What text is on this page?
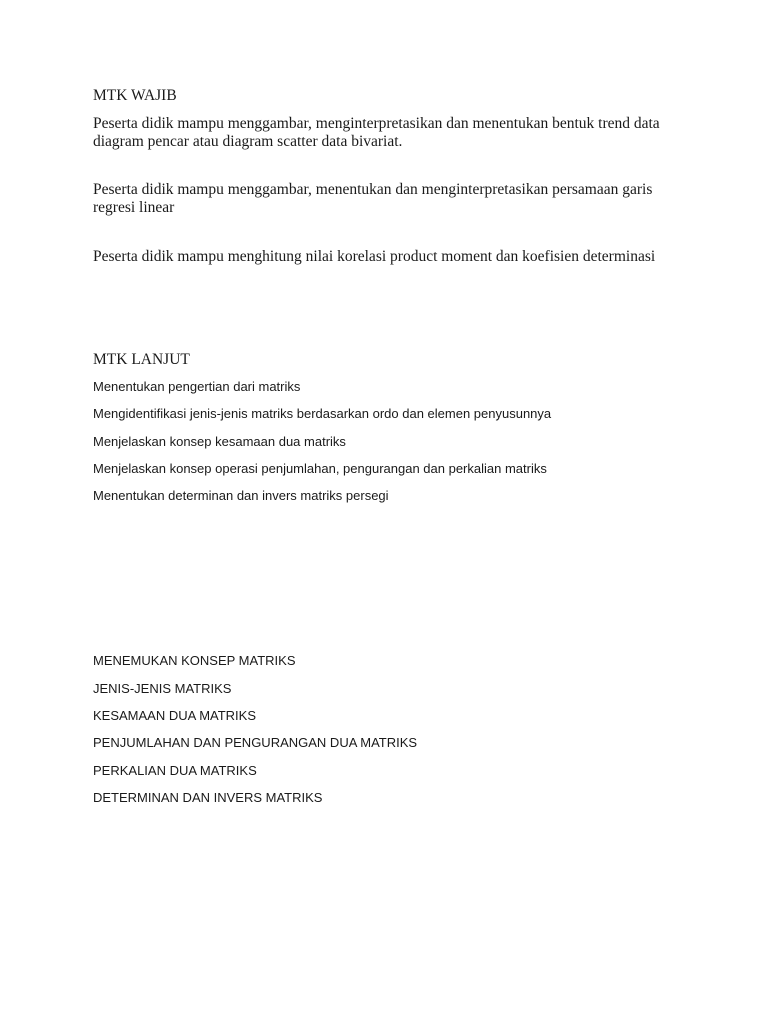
MTK WAJIB

Peserta didik mampu menggambar, menginterpretasikan dan menentukan bentuk trend data diagram pencar atau diagram scatter data bivariat.

Peserta didik mampu menggambar, menentukan dan menginterpretasikan persamaan garis regresi linear

Peserta didik mampu menghitung nilai korelasi product moment dan koefisien determinasi

MTK LANJUT

Menentukan pengertian dari matriks

Mengidentifikasi jenis-jenis matriks berdasarkan ordo dan elemen penyusunnya

Menjelaskan konsep kesamaan dua matriks

Menjelaskan konsep operasi penjumlahan, pengurangan dan perkalian matriks

Menentukan determinan dan invers matriks persegi

MENEMUKAN KONSEP MATRIKS

JENIS-JENIS MATRIKS

KESAMAAN DUA MATRIKS

PENJUMLAHAN DAN PENGURANGAN DUA MATRIKS

PERKALIAN DUA MATRIKS

DETERMINAN DAN INVERS MATRIKS
